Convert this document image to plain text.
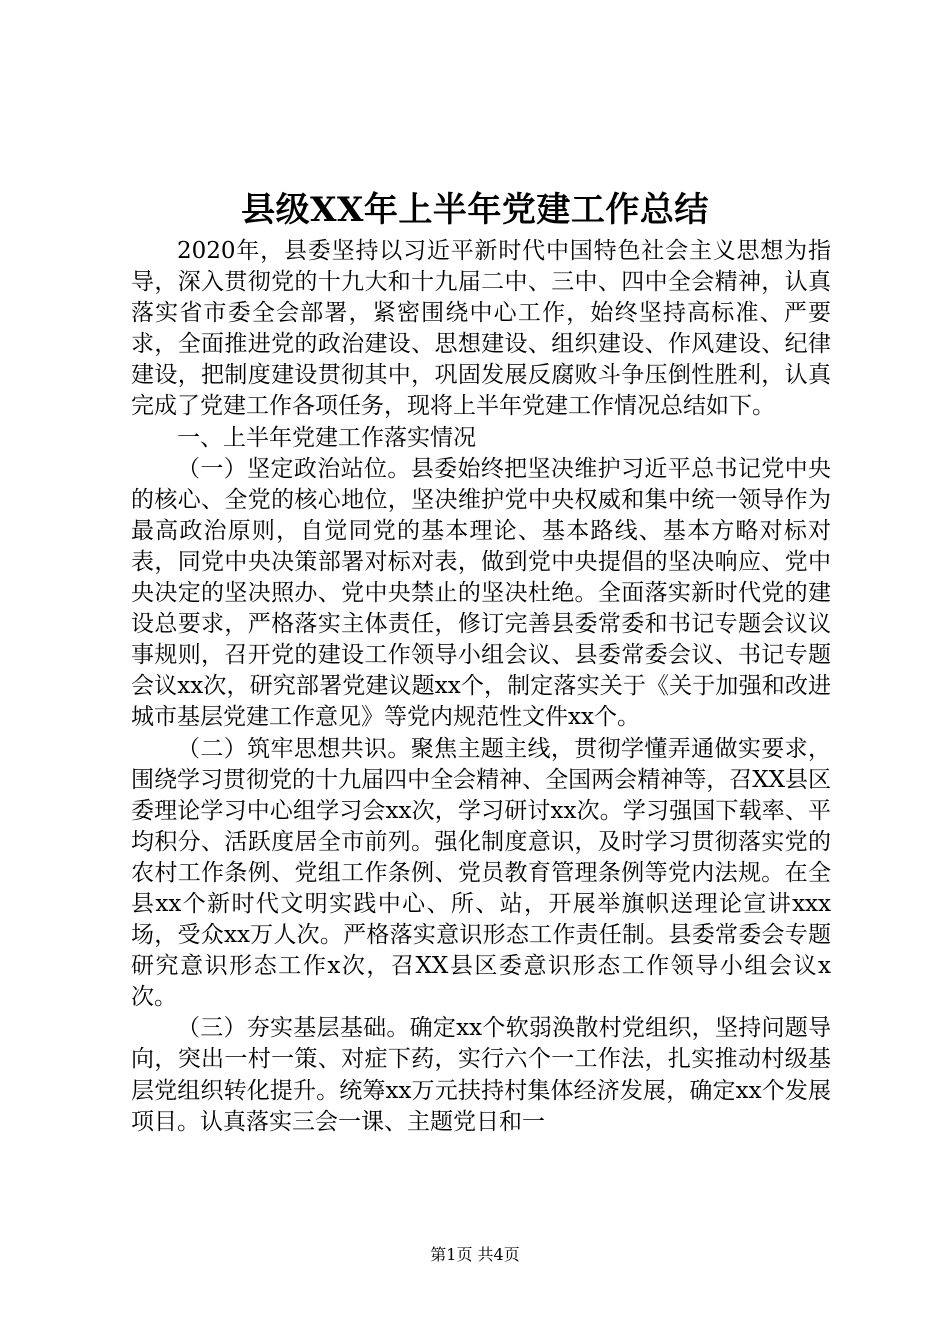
县级XX年上半年党建工作总结

2020年，县委坚持以习近平新时代中国特色社会主义思想为指导，深入贯彻党的十九大和十九届二中、三中、四中全会精神，认真落实省市委全会部署，紧密围绕中心工作，始终坚持高标准、严要求，全面推进党的政治建设、思想建设、组织建设、作风建设、纪律建设，把制度建设贯彻其中，巩固发展反腐败斗争压倒性胜利，认真完成了党建工作各项任务，现将上半年党建工作情况总结如下。

一、上半年党建工作落实情况

（一）坚定政治站位。县委始终把坚决维护习近平总书记党中央的核心、全党的核心地位，坚决维护党中央权威和集中统一领导作为最高政治原则，自觉同党的基本理论、基本路线、基本方略对标对表，同党中央决策部署对标对表，做到党中央提倡的坚决响应、党中央决定的坚决照办、党中央禁止的坚决杜绝。全面落实新时代党的建设总要求，严格落实主体责任，修订完善县委常委和书记专题会议议事规则，召开党的建设工作领导小组会议、县委常委会议、书记专题会议xx次，研究部署党建议题xx个，制定落实关于《关于加强和改进城市基层党建工作意见》等党内规范性文件xx个。

（二）筑牢思想共识。聚焦主题主线，贯彻学懂弄通做实要求，围绕学习贯彻党的十九届四中全会精神、全国两会精神等，召XX县区委理论学习中心组学习会xx次，学习研讨xx次。学习强国下载率、平均积分、活跃度居全市前列。强化制度意识，及时学习贯彻落实党的农村工作条例、党组工作条例、党员教育管理条例等党内法规。在全县xx个新时代文明实践中心、所、站，开展举旗帜送理论宣讲xxx场，受众xx万人次。严格落实意识形态工作责任制。县委常委会专题研究意识形态工作x次，召XX县区委意识形态工作领导小组会议x次。

（三）夯实基层基础。确定xx个软弱涣散村党组织，坚持问题导向，突出一村一策、对症下药，实行六个一工作法，扎实推动村级基层党组织转化提升。统筹xx万元扶持村集体经济发展，确定xx个发展项目。认真落实三会一课、主题党日和一

第1页 共4页
